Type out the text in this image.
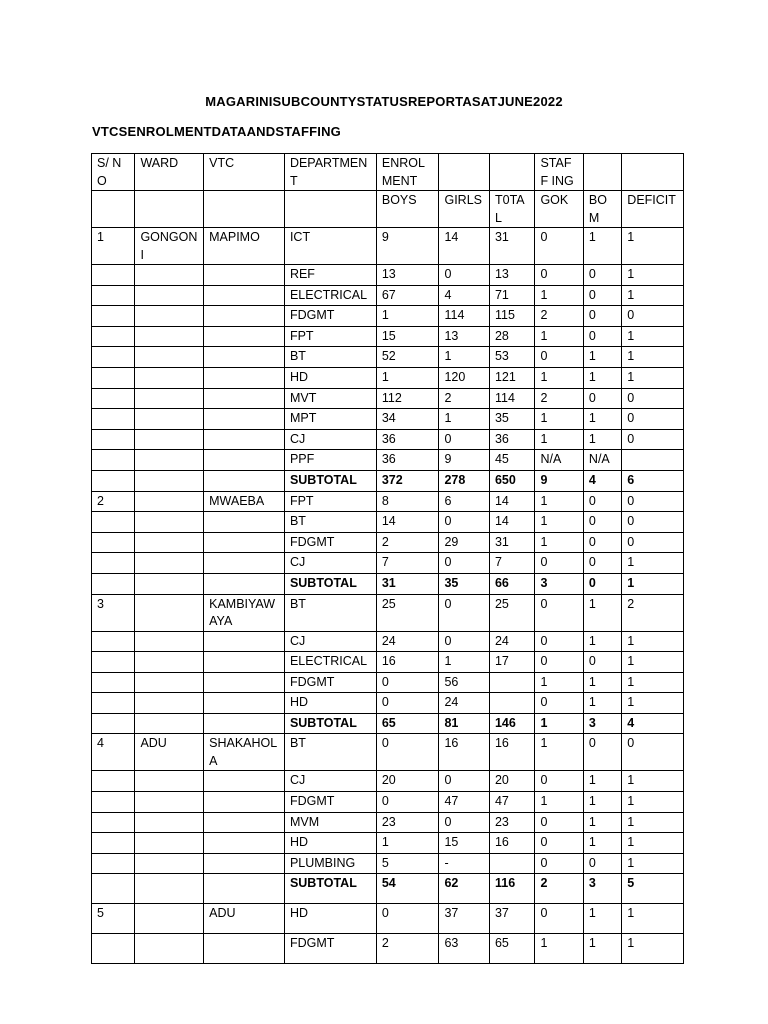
MAGARINISUBCOUNTYSTATUSREPORTASATJUNE2022
VTCSENROLMENTDATAANDSTAFFING
S/ NO	WARD	VTC	DEPARTMEN T	ENROL MENT			STAFF ING		
				BOYS	GIRLS	T0TA L	GOK	BO M	DEFICIT
1	GONGON I	MAPIMO	ICT	9	14	31	0	1	1
			REF	13	0	13	0	0	1
			ELECTRICAL	67	4	71	1	0	1
			FDGMT	1	114	115	2	0	0
			FPT	15	13	28	1	0	1
			BT	52	1	53	0	1	1
			HD	1	120	121	1	1	1
			MVT	112	2	114	2	0	0
			MPT	34	1	35	1	1	0
			CJ	36	0	36	1	1	0
			PPF	36	9	45	N/A	N/A	
			SUBTOTAL	372	278	650	9	4	6
2		MWAEBA	FPT	8	6	14	1	0	0
			BT	14	0	14	1	0	0
			FDGMT	2	29	31	1	0	0
			CJ	7	0	7	0	0	1
			SUBTOTAL	31	35	66	3	0	1
3		KAMBIYAW AYA	BT	25	0	25	0	1	2
			CJ	24	0	24	0	1	1
			ELECTRICAL	16	1	17	0	0	1
			FDGMT	0	56		1	1	1
			HD	0	24		0	1	1
			SUBTOTAL	65	81	146	1	3	4
4	ADU	SHAKAHOL A	BT	0	16	16	1	0	0
			CJ	20	0	20	0	1	1
			FDGMT	0	47	47	1	1	1
			MVM	23	0	23	0	1	1
			HD	1	15	16	0	1	1
			PLUMBING	5	-		0	0	1
			SUBTOTAL	54	62	116	2	3	5
5		ADU	HD	0	37	37	0	1	1
			FDGMT	2	63	65	1	1	1
